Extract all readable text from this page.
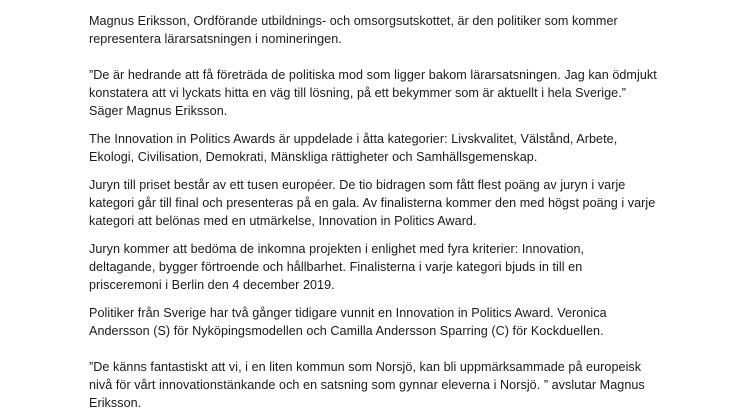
Magnus Eriksson, Ordförande utbildnings- och omsorgsutskottet, är den politiker som kommer
representera lärarsatsningen i nomineringen.

”De är hedrande att få företräda de politiska mod som ligger bakom lärarsatsningen. Jag kan ödmjukt
konstatera att vi lyckats hitta en väg till lösning, på ett bekymmer som är aktuellt i hela Sverige.”
Säger Magnus Eriksson.

The Innovation in Politics Awards är uppdelade i åtta kategorier: Livskvalitet, Välstånd, Arbete,
Ekologi, Civilisation, Demokrati, Mänskliga rättigheter och Samhällsgemenskap.

Juryn till priset består av ett tusen européer. De tio bidragen som fått flest poäng av juryn i varje
kategori går till final och presenteras på en gala. Av finalisterna kommer den med högst poäng i varje
kategori att belönas med en utmärkelse, Innovation in Politics Award.

Juryn kommer att bedöma de inkomna projekten i enlighet med fyra kriterier: Innovation,
deltagande, bygger förtroende och hållbarhet. Finalisterna i varje kategori bjuds in till en
prisceremoni i Berlin den 4 december 2019.

Politiker från Sverige har två gånger tidigare vunnit en Innovation in Politics Award. Veronica
Andersson (S) för Nyköpingsmodellen och Camilla Andersson Sparring (C) för Kockduellen.

”De känns fantastiskt att vi, i en liten kommun som Norsjö, kan bli uppmärksammade på europeisk
nivå för vårt innovationstänkande och en satsning som gynnar eleverna i Norsjö. ” avslutar Magnus
Eriksson.
